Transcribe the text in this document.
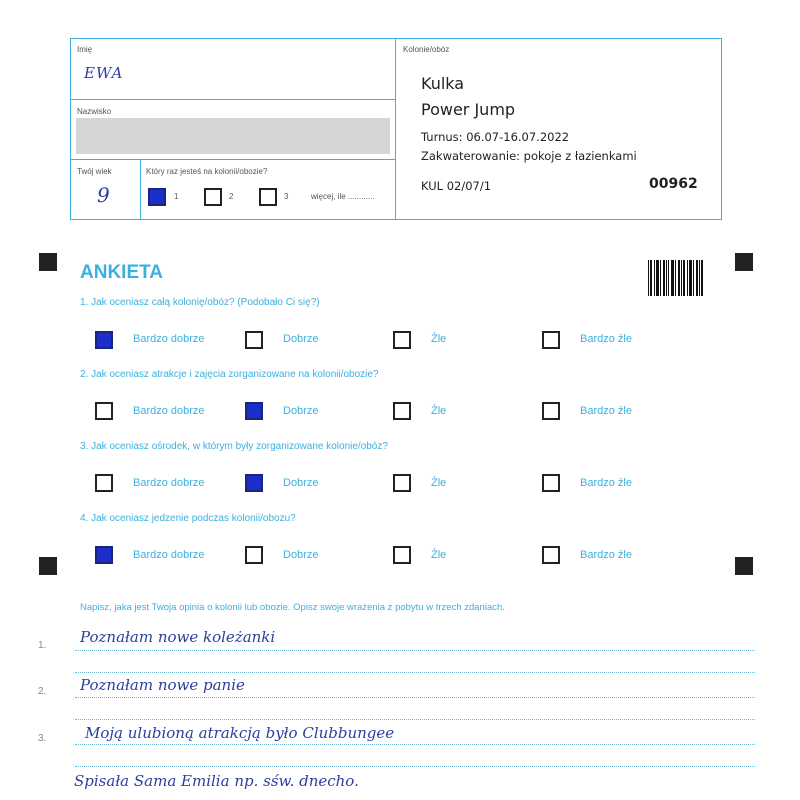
Imię
EWA
Nazwisko
Twój wiek
9
Który raz jesteś na kolonii/obozie?
1	2	3	więcej, ile ............
Kolonie/obóz
Kulka
Power Jump
Turnus: 06.07-16.07.2022
Zakwaterowanie: pokoje z łazienkami
KUL 02/07/1	00962
ANKIETA
1. Jak oceniasz całą kolonię/obóz? (Podobało Ci się?)
Bardzo dobrze	Dobrze	Źle	Bardzo źle
2. Jak oceniasz atrakcje i zajęcia zorganizowane na kolonii/obozie?
Bardzo dobrze	Dobrze	Źle	Bardzo źle
3. Jak oceniasz ośrodek, w którym były zorganizowane kolonie/obóz?
Bardzo dobrze	Dobrze	Źle	Bardzo źle
4. Jak oceniasz jedzenie podczas kolonii/obozu?
Bardzo dobrze	Dobrze	Źle	Bardzo źle
Napisz, jaka jest Twoja opinia o kolonii lub obozie. Opisz swoje wrażenia z pobytu w trzech zdaniach.
1.
2.
3.
Poznałam nowe koleżanki
Poznałam nowe panie
Moją ulubioną atrakcją było Clubbungee
Spisała Sama Emilia np. sśw. dnecho.
